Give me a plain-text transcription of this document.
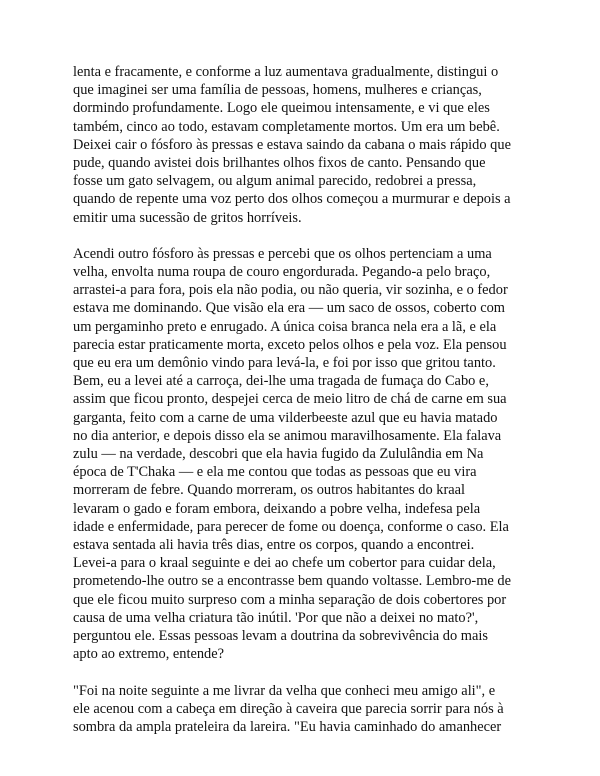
lenta e fracamente, e conforme a luz aumentava gradualmente, distingui o
que imaginei ser uma família de pessoas, homens, mulheres e crianças,
dormindo profundamente. Logo ele queimou intensamente, e vi que eles
também, cinco ao todo, estavam completamente mortos. Um era um bebê.
Deixei cair o fósforo às pressas e estava saindo da cabana o mais rápido que
pude, quando avistei dois brilhantes olhos fixos de canto. Pensando que
fosse um gato selvagem, ou algum animal parecido, redobrei a pressa,
quando de repente uma voz perto dos olhos começou a murmurar e depois a
emitir uma sucessão de gritos horríveis.

Acendi outro fósforo às pressas e percebi que os olhos pertenciam a uma
velha, envolta numa roupa de couro engordurada. Pegando-a pelo braço,
arrastei-a para fora, pois ela não podia, ou não queria, vir sozinha, e o fedor
estava me dominando. Que visão ela era — um saco de ossos, coberto com
um pergaminho preto e enrugado. A única coisa branca nela era a lã, e ela
parecia estar praticamente morta, exceto pelos olhos e pela voz. Ela pensou
que eu era um demônio vindo para levá-la, e foi por isso que gritou tanto.
Bem, eu a levei até a carroça, dei-lhe uma tragada de fumaça do Cabo e,
assim que ficou pronto, despejei cerca de meio litro de chá de carne em sua
garganta, feito com a carne de uma vilderbeeste azul que eu havia matado
no dia anterior, e depois disso ela se animou maravilhosamente. Ela falava
zulu — na verdade, descobri que ela havia fugido da Zululândia em Na
época de T'Chaka — e ela me contou que todas as pessoas que eu vira
morreram de febre. Quando morreram, os outros habitantes do kraal
levaram o gado e foram embora, deixando a pobre velha, indefesa pela
idade e enfermidade, para perecer de fome ou doença, conforme o caso. Ela
estava sentada ali havia três dias, entre os corpos, quando a encontrei.
Levei-a para o kraal seguinte e dei ao chefe um cobertor para cuidar dela,
prometendo-lhe outro se a encontrasse bem quando voltasse. Lembro-me de
que ele ficou muito surpreso com a minha separação de dois cobertores por
causa de uma velha criatura tão inútil. 'Por que não a deixei no mato?',
perguntou ele. Essas pessoas levam a doutrina da sobrevivência do mais
apto ao extremo, entende?

"Foi na noite seguinte a me livrar da velha que conheci meu amigo ali", e
ele acenou com a cabeça em direção à caveira que parecia sorrir para nós à
sombra da ampla prateleira da lareira. "Eu havia caminhado do amanhecer
